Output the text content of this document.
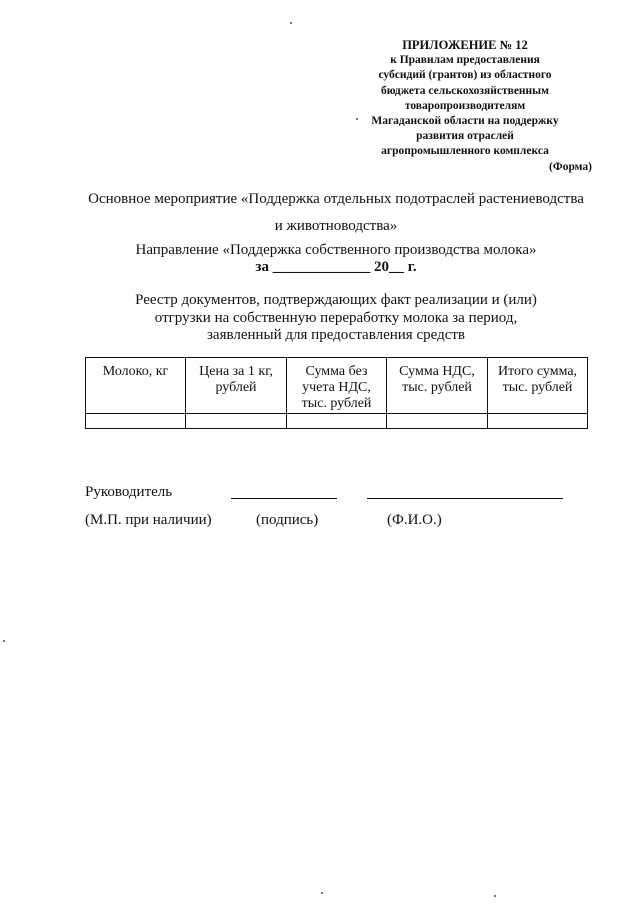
ПРИЛОЖЕНИЕ № 12
к Правилам предоставления
субсидий (грантов) из областного
бюджета сельскохозяйственным
товаропроизводителям
Магаданской области на поддержку
развития отраслей
агропромышленного комплекса
(Форма)
Основное мероприятие «Поддержка отдельных подотраслей растениеводства
и животноводства»
Направление «Поддержка собственного производства молока»
за _____________ 20__ г.
Реестр документов, подтверждающих факт реализации и (или)
отгрузки на собственную переработку молока за период,
заявленный для предоставления средств
Молоко, кг	Цена за 1 кг, рублей	Сумма без учета НДС, тыс. рублей	Сумма НДС, тыс. рублей	Итого сумма, тыс. рублей

Руководитель
(М.П. при наличии)	(подпись)	(Ф.И.О.)
